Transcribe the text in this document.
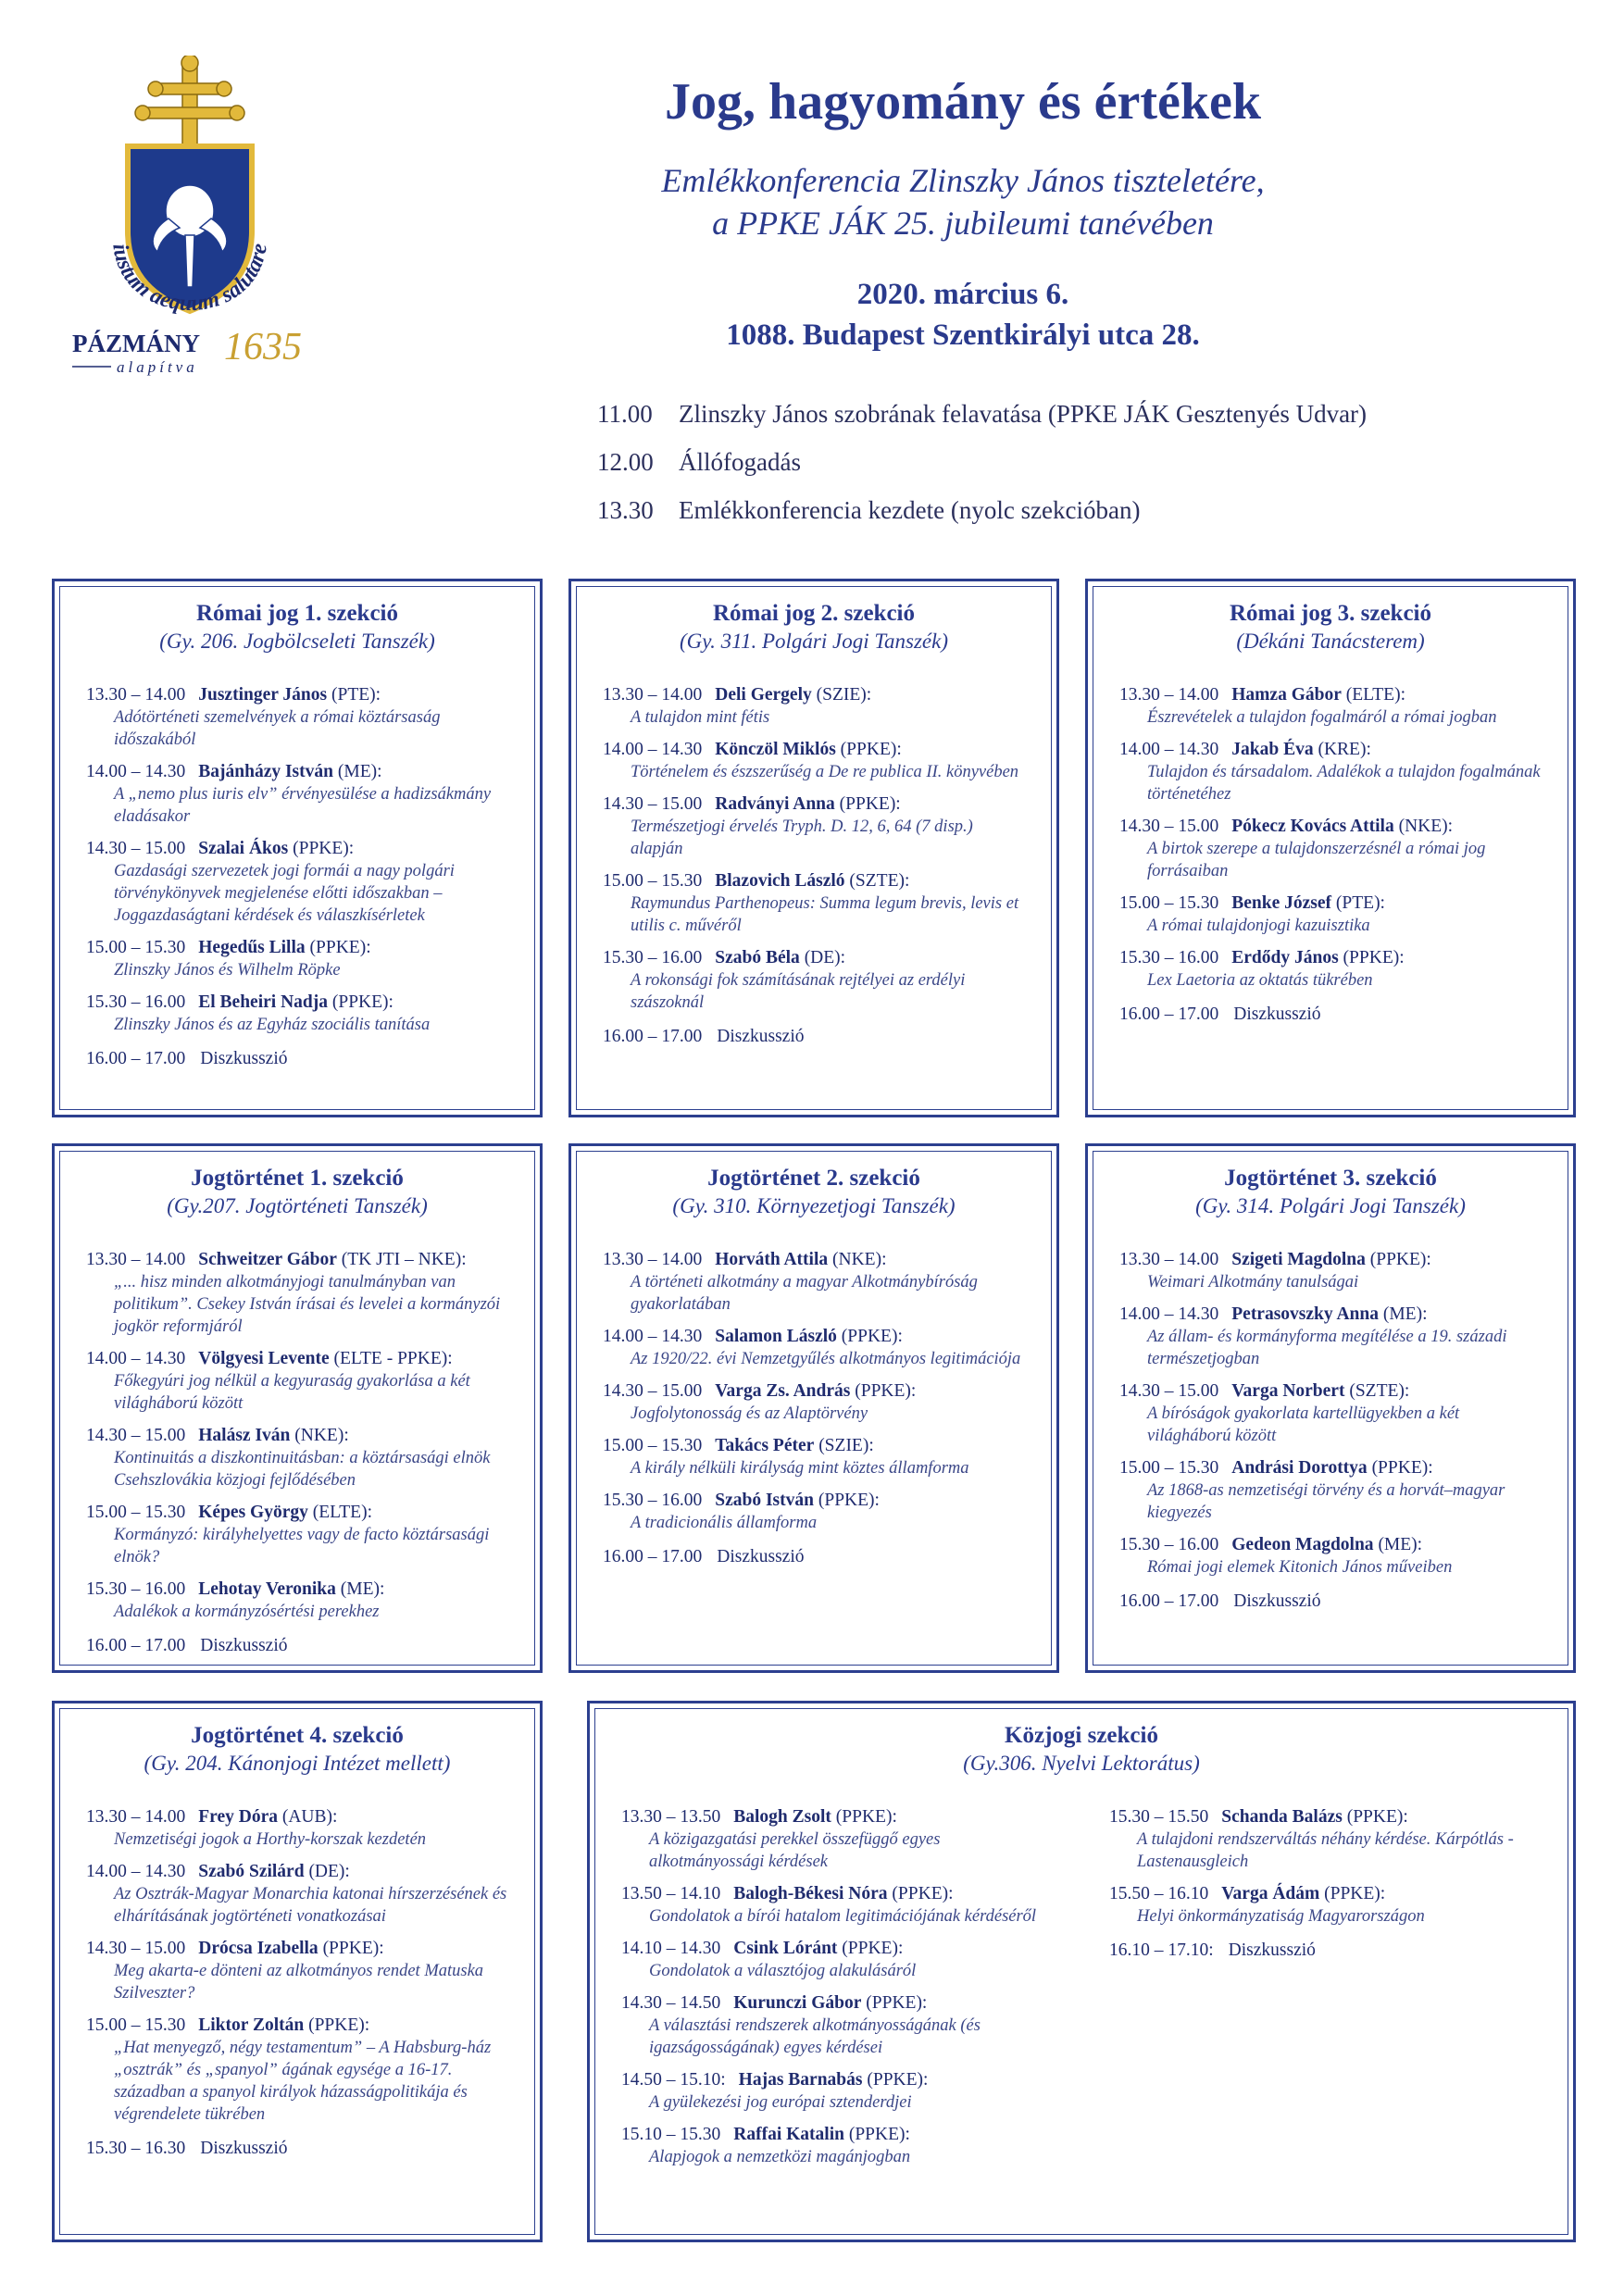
iustum aequum salutare
PÁZMÁNY 1635
alapítva
Jog, hagyomány és értékek
Emlékkonferencia Zlinszky János tiszteletére,
a PPKE JÁK 25. jubileumi tanévében
2020. március 6.
1088. Budapest Szentkirályi utca 28.
11.00	Zlinszky János szobrának felavatása (PPKE JÁK Gesztenyés Udvar)
12.00	Állófogadás
13.30	Emlékkonferencia kezdete (nyolc szekcióban)
Római jog 1. szekció
(Gy. 206. Jogbölcseleti Tanszék)
13.30 – 14.00 Jusztinger János (PTE):
Adótörténeti szemelvények a római köztársaság időszakából
14.00 – 14.30 Bajánházy István (ME):
A „nemo plus iuris elv” érvényesülése a hadizsákmány eladásakor
14.30 – 15.00 Szalai Ákos (PPKE):
Gazdasági szervezetek jogi formái a nagy polgári törvénykönyvek megjelenése előtti időszakban – Joggazdaságtani kérdések és válaszkísérletek
15.00 – 15.30 Hegedűs Lilla (PPKE):
Zlinszky János és Wilhelm Röpke
15.30 – 16.00 El Beheiri Nadja (PPKE):
Zlinszky János és az Egyház szociális tanítása
16.00 – 17.00 Diszkusszió
Római jog 2. szekció
(Gy. 311. Polgári Jogi Tanszék)
13.30 – 14.00 Deli Gergely (SZIE):
A tulajdon mint fétis
14.00 – 14.30 Könczöl Miklós (PPKE):
Történelem és észszerűség a De re publica II. könyvében
14.30 – 15.00 Radványi Anna (PPKE):
Természetjogi érvelés Tryph. D. 12, 6, 64 (7 disp.) alapján
15.00 – 15.30 Blazovich László (SZTE):
Raymundus Parthenopeus: Summa legum brevis, levis et utilis c. művéről
15.30 – 16.00 Szabó Béla (DE):
A rokonsági fok számításának rejtélyei az erdélyi szászoknál
16.00 – 17.00 Diszkusszió
Római jog 3. szekció
(Dékáni Tanácsterem)
13.30 – 14.00 Hamza Gábor (ELTE):
Észrevételek a tulajdon fogalmáról a római jogban
14.00 – 14.30 Jakab Éva (KRE):
Tulajdon és társadalom. Adalékok a tulajdon fogalmának történetéhez
14.30 – 15.00 Pókecz Kovács Attila (NKE):
A birtok szerepe a tulajdonszerzésnél a római jog forrásaiban
15.00 – 15.30 Benke József (PTE):
A római tulajdonjogi kazuisztika
15.30 – 16.00 Erdődy János (PPKE):
Lex Laetoria az oktatás tükrében
16.00 – 17.00 Diszkusszió
Jogtörténet 1. szekció
(Gy.207. Jogtörténeti Tanszék)
13.30 – 14.00 Schweitzer Gábor (TK JTI – NKE):
„... hisz minden alkotmányjogi tanulmányban van politikum”. Csekey István írásai és levelei a kormányzói jogkör reformjáról
14.00 – 14.30 Völgyesi Levente (ELTE - PPKE):
Főkegyúri jog nélkül a kegyuraság gyakorlása a két világháború között
14.30 – 15.00 Halász Iván (NKE):
Kontinuitás a diszkontinuitásban: a köztársasági elnök Csehszlovákia közjogi fejlődésében
15.00 – 15.30 Képes György (ELTE):
Kormányzó: királyhelyettes vagy de facto köztársasági elnök?
15.30 – 16.00 Lehotay Veronika (ME):
Adalékok a kormányzósértési perekhez
16.00 – 17.00 Diszkusszió
Jogtörténet 2. szekció
(Gy. 310. Környezetjogi Tanszék)
13.30 – 14.00 Horváth Attila (NKE):
A történeti alkotmány a magyar Alkotmánybíróság gyakorlatában
14.00 – 14.30 Salamon László (PPKE):
Az 1920/22. évi Nemzetgyűlés alkotmányos legitimációja
14.30 – 15.00 Varga Zs. András (PPKE):
Jogfolytonosság és az Alaptörvény
15.00 – 15.30 Takács Péter (SZIE):
A király nélküli királyság mint köztes államforma
15.30 – 16.00 Szabó István (PPKE):
A tradicionális államforma
16.00 – 17.00 Diszkusszió
Jogtörténet 3. szekció
(Gy. 314. Polgári Jogi Tanszék)
13.30 – 14.00 Szigeti Magdolna (PPKE):
Weimari Alkotmány tanulságai
14.00 – 14.30 Petrasovszky Anna (ME):
Az állam- és kormányforma megítélése a 19. századi természetjogban
14.30 – 15.00 Varga Norbert (SZTE):
A bíróságok gyakorlata kartellügyekben a két világháború között
15.00 – 15.30 Andrási Dorottya (PPKE):
Az 1868-as nemzetiségi törvény és a horvát–magyar kiegyezés
15.30 – 16.00 Gedeon Magdolna (ME):
Római jogi elemek Kitonich János műveiben
16.00 – 17.00 Diszkusszió
Jogtörténet 4. szekció
(Gy. 204. Kánonjogi Intézet mellett)
13.30 – 14.00 Frey Dóra (AUB):
Nemzetiségi jogok a Horthy-korszak kezdetén
14.00 – 14.30 Szabó Szilárd (DE):
Az Osztrák-Magyar Monarchia katonai hírszerzésének és elhárításának jogtörténeti vonatkozásai
14.30 – 15.00 Drócsa Izabella (PPKE):
Meg akarta-e dönteni az alkotmányos rendet Matuska Szilveszter?
15.00 – 15.30 Liktor Zoltán (PPKE):
„Hat menyegző, négy testamentum” – A Habsburg-ház „osztrák” és „spanyol” ágának egysége a 16-17. században a spanyol királyok házasságpolitikája és végrendelete tükrében
15.30 – 16.30 Diszkusszió
Közjogi szekció
(Gy.306. Nyelvi Lektorátus)
13.30 – 13.50 Balogh Zsolt (PPKE):
A közigazgatási perekkel összefüggő egyes alkotmányossági kérdések
13.50 – 14.10 Balogh-Békesi Nóra (PPKE):
Gondolatok a bírói hatalom legitimációjának kérdéséről
14.10 – 14.30 Csink Lóránt (PPKE):
Gondolatok a választójog alakulásáról
14.30 – 14.50 Kurunczi Gábor (PPKE):
A választási rendszerek alkotmányosságának (és igazságosságának) egyes kérdései
14.50 – 15.10: Hajas Barnabás (PPKE):
A gyülekezési jog európai sztenderdjei
15.10 – 15.30 Raffai Katalin (PPKE):
Alapjogok a nemzetközi magánjogban
15.30 – 15.50 Schanda Balázs (PPKE):
A tulajdoni rendszerváltás néhány kérdése. Kárpótlás - Lastenausgleich
15.50 – 16.10 Varga Ádám (PPKE):
Helyi önkormányzatiság Magyarországon
16.10 – 17.10: Diszkusszió
